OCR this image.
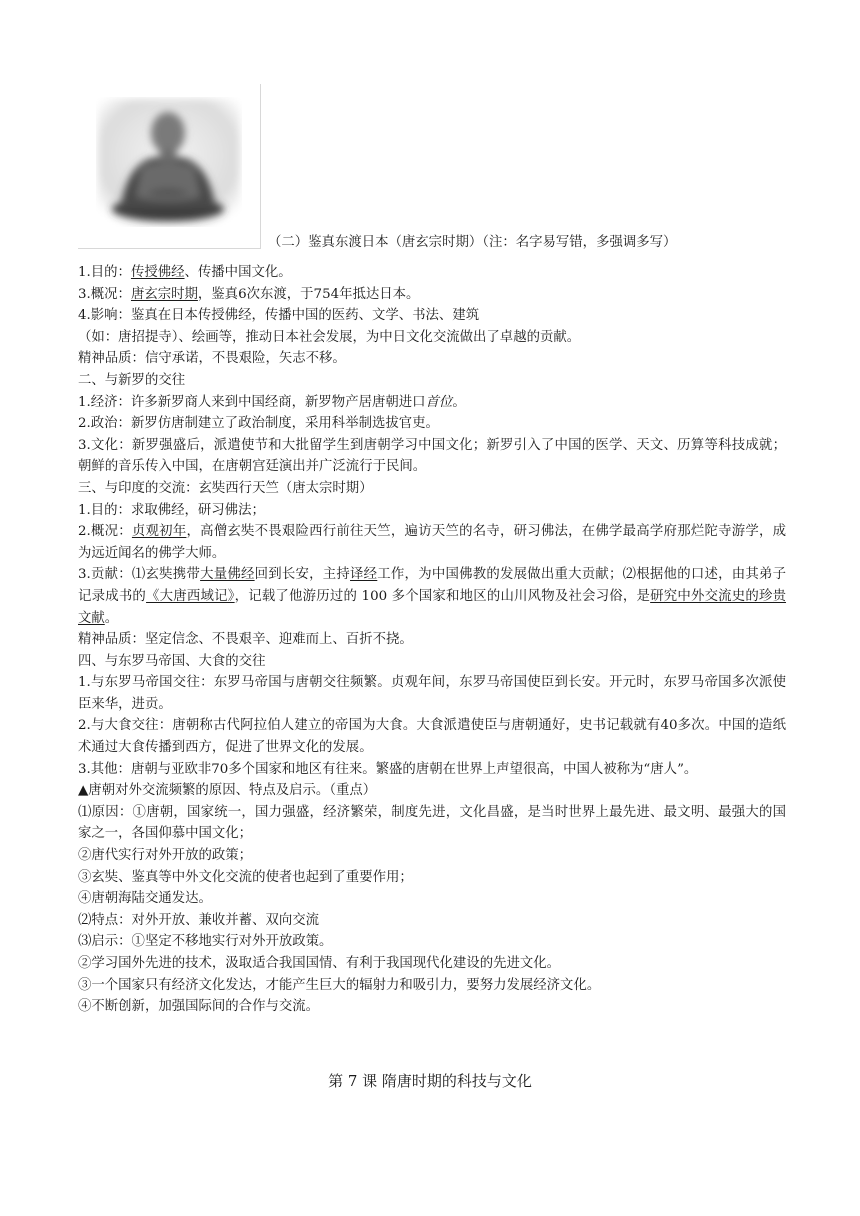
（二）鉴真东渡日本（唐玄宗时期）（注：名字易写错，多强调多写）

1.目的：传授佛经、传播中国文化。

3.概况：唐玄宗时期，鉴真6次东渡，于754年抵达日本。

4.影响：鉴真在日本传授佛经，传播中国的医药、文学、书法、建筑

（如：唐招提寺）、绘画等，推动日本社会发展，为中日文化交流做出了卓越的贡献。

精神品质：信守承诺，不畏艰险，矢志不移。

二、与新罗的交往

1.经济：许多新罗商人来到中国经商，新罗物产居唐朝进口首位。

2.政治：新罗仿唐制建立了政治制度，采用科举制选拔官吏。

3.文化：新罗强盛后，派遣使节和大批留学生到唐朝学习中国文化；新罗引入了中国的医学、天文、历算等科技成就；朝鲜的音乐传入中国，在唐朝宫廷演出并广泛流行于民间。

三、与印度的交流：玄奘西行天竺（唐太宗时期）

1.目的：求取佛经，研习佛法；

2.概况：贞观初年，高僧玄奘不畏艰险西行前往天竺，遍访天竺的名寺，研习佛法，在佛学最高学府那烂陀寺游学，成为远近闻名的佛学大师。

3.贡献：⑴玄奘携带大量佛经回到长安，主持译经工作，为中国佛教的发展做出重大贡献；⑵根据他的口述，由其弟子记录成书的《大唐西域记》，记载了他游历过的 100 多个国家和地区的山川风物及社会习俗，是研究中外交流史的珍贵文献。

精神品质：坚定信念、不畏艰辛、迎难而上、百折不挠。

四、与东罗马帝国、大食的交往

1.与东罗马帝国交往：东罗马帝国与唐朝交往频繁。贞观年间，东罗马帝国使臣到长安。开元时，东罗马帝国多次派使臣来华，进贡。

2.与大食交往：唐朝称古代阿拉伯人建立的帝国为大食。大食派遣使臣与唐朝通好，史书记载就有40多次。中国的造纸术通过大食传播到西方，促进了世界文化的发展。

3.其他：唐朝与亚欧非70多个国家和地区有往来。繁盛的唐朝在世界上声望很高，中国人被称为“唐人”。

▲唐朝对外交流频繁的原因、特点及启示。（重点）

⑴原因：①唐朝，国家统一，国力强盛，经济繁荣，制度先进，文化昌盛，是当时世界上最先进、最文明、最强大的国家之一，各国仰慕中国文化；

②唐代实行对外开放的政策；

③玄奘、鉴真等中外文化交流的使者也起到了重要作用；

④唐朝海陆交通发达。

⑵特点：对外开放、兼收并蓄、双向交流

⑶启示：①坚定不移地实行对外开放政策。

②学习国外先进的技术，汲取适合我国国情、有利于我国现代化建设的先进文化。

③一个国家只有经济文化发达，才能产生巨大的辐射力和吸引力，要努力发展经济文化。

④不断创新，加强国际间的合作与交流。

第 7 课 隋唐时期的科技与文化
